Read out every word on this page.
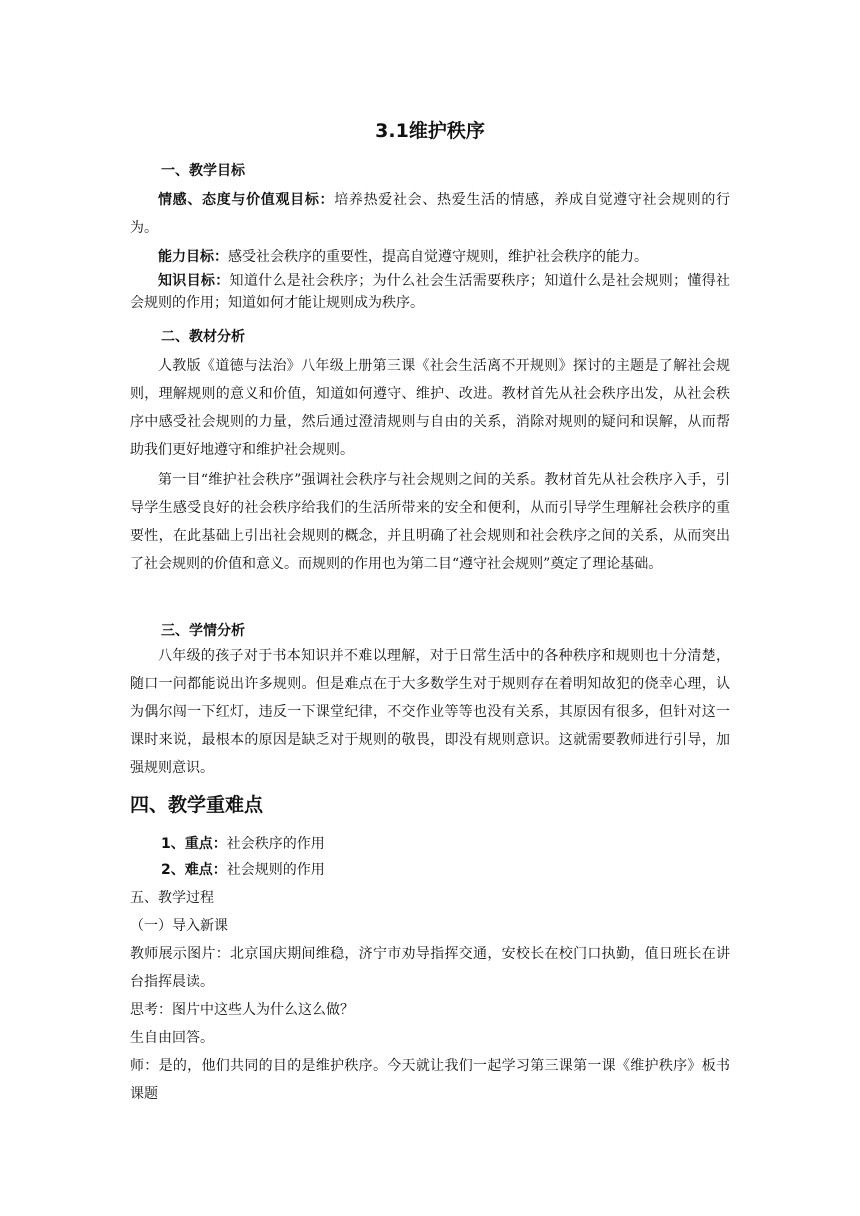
3.1维护秩序
一、教学目标

情感、态度与价值观目标：培养热爱社会、热爱生活的情感，养成自觉遵守社会规则的行为。

能力目标：感受社会秩序的重要性，提高自觉遵守规则，维护社会秩序的能力。

知识目标：知道什么是社会秩序；为什么社会生活需要秩序；知道什么是社会规则；懂得社会规则的作用；知道如何才能让规则成为秩序。

二、教材分析

人教版《道德与法治》八年级上册第三课《社会生活离不开规则》探讨的主题是了解社会规则，理解规则的意义和价值，知道如何遵守、维护、改进。教材首先从社会秩序出发，从社会秩序中感受社会规则的力量，然后通过澄清规则与自由的关系，消除对规则的疑问和误解，从而帮助我们更好地遵守和维护社会规则。

第一目“维护社会秩序”强调社会秩序与社会规则之间的关系。教材首先从社会秩序入手，引导学生感受良好的社会秩序给我们的生活所带来的安全和便利，从而引导学生理解社会秩序的重要性，在此基础上引出社会规则的概念，并且明确了社会规则和社会秩序之间的关系，从而突出了社会规则的价值和意义。而规则的作用也为第二目“遵守社会规则”奠定了理论基础。

三、学情分析

八年级的孩子对于书本知识并不难以理解，对于日常生活中的各种秩序和规则也十分清楚，随口一问都能说出许多规则。但是难点在于大多数学生对于规则存在着明知故犯的侥幸心理，认为偶尔闯一下红灯，违反一下课堂纪律，不交作业等等也没有关系，其原因有很多，但针对这一课时来说，最根本的原因是缺乏对于规则的敬畏，即没有规则意识。这就需要教师进行引导，加强规则意识。

四、教学重难点

1、重点：社会秩序的作用

2、难点：社会规则的作用

五、教学过程

（一）导入新课

教师展示图片：北京国庆期间维稳，济宁市劝导指挥交通，安校长在校门口执勤，值日班长在讲台指挥晨读。

思考：图片中这些人为什么这么做？

生自由回答。

师：是的，他们共同的目的是维护秩序。今天就让我们一起学习第三课第一课《维护秩序》板书课题
